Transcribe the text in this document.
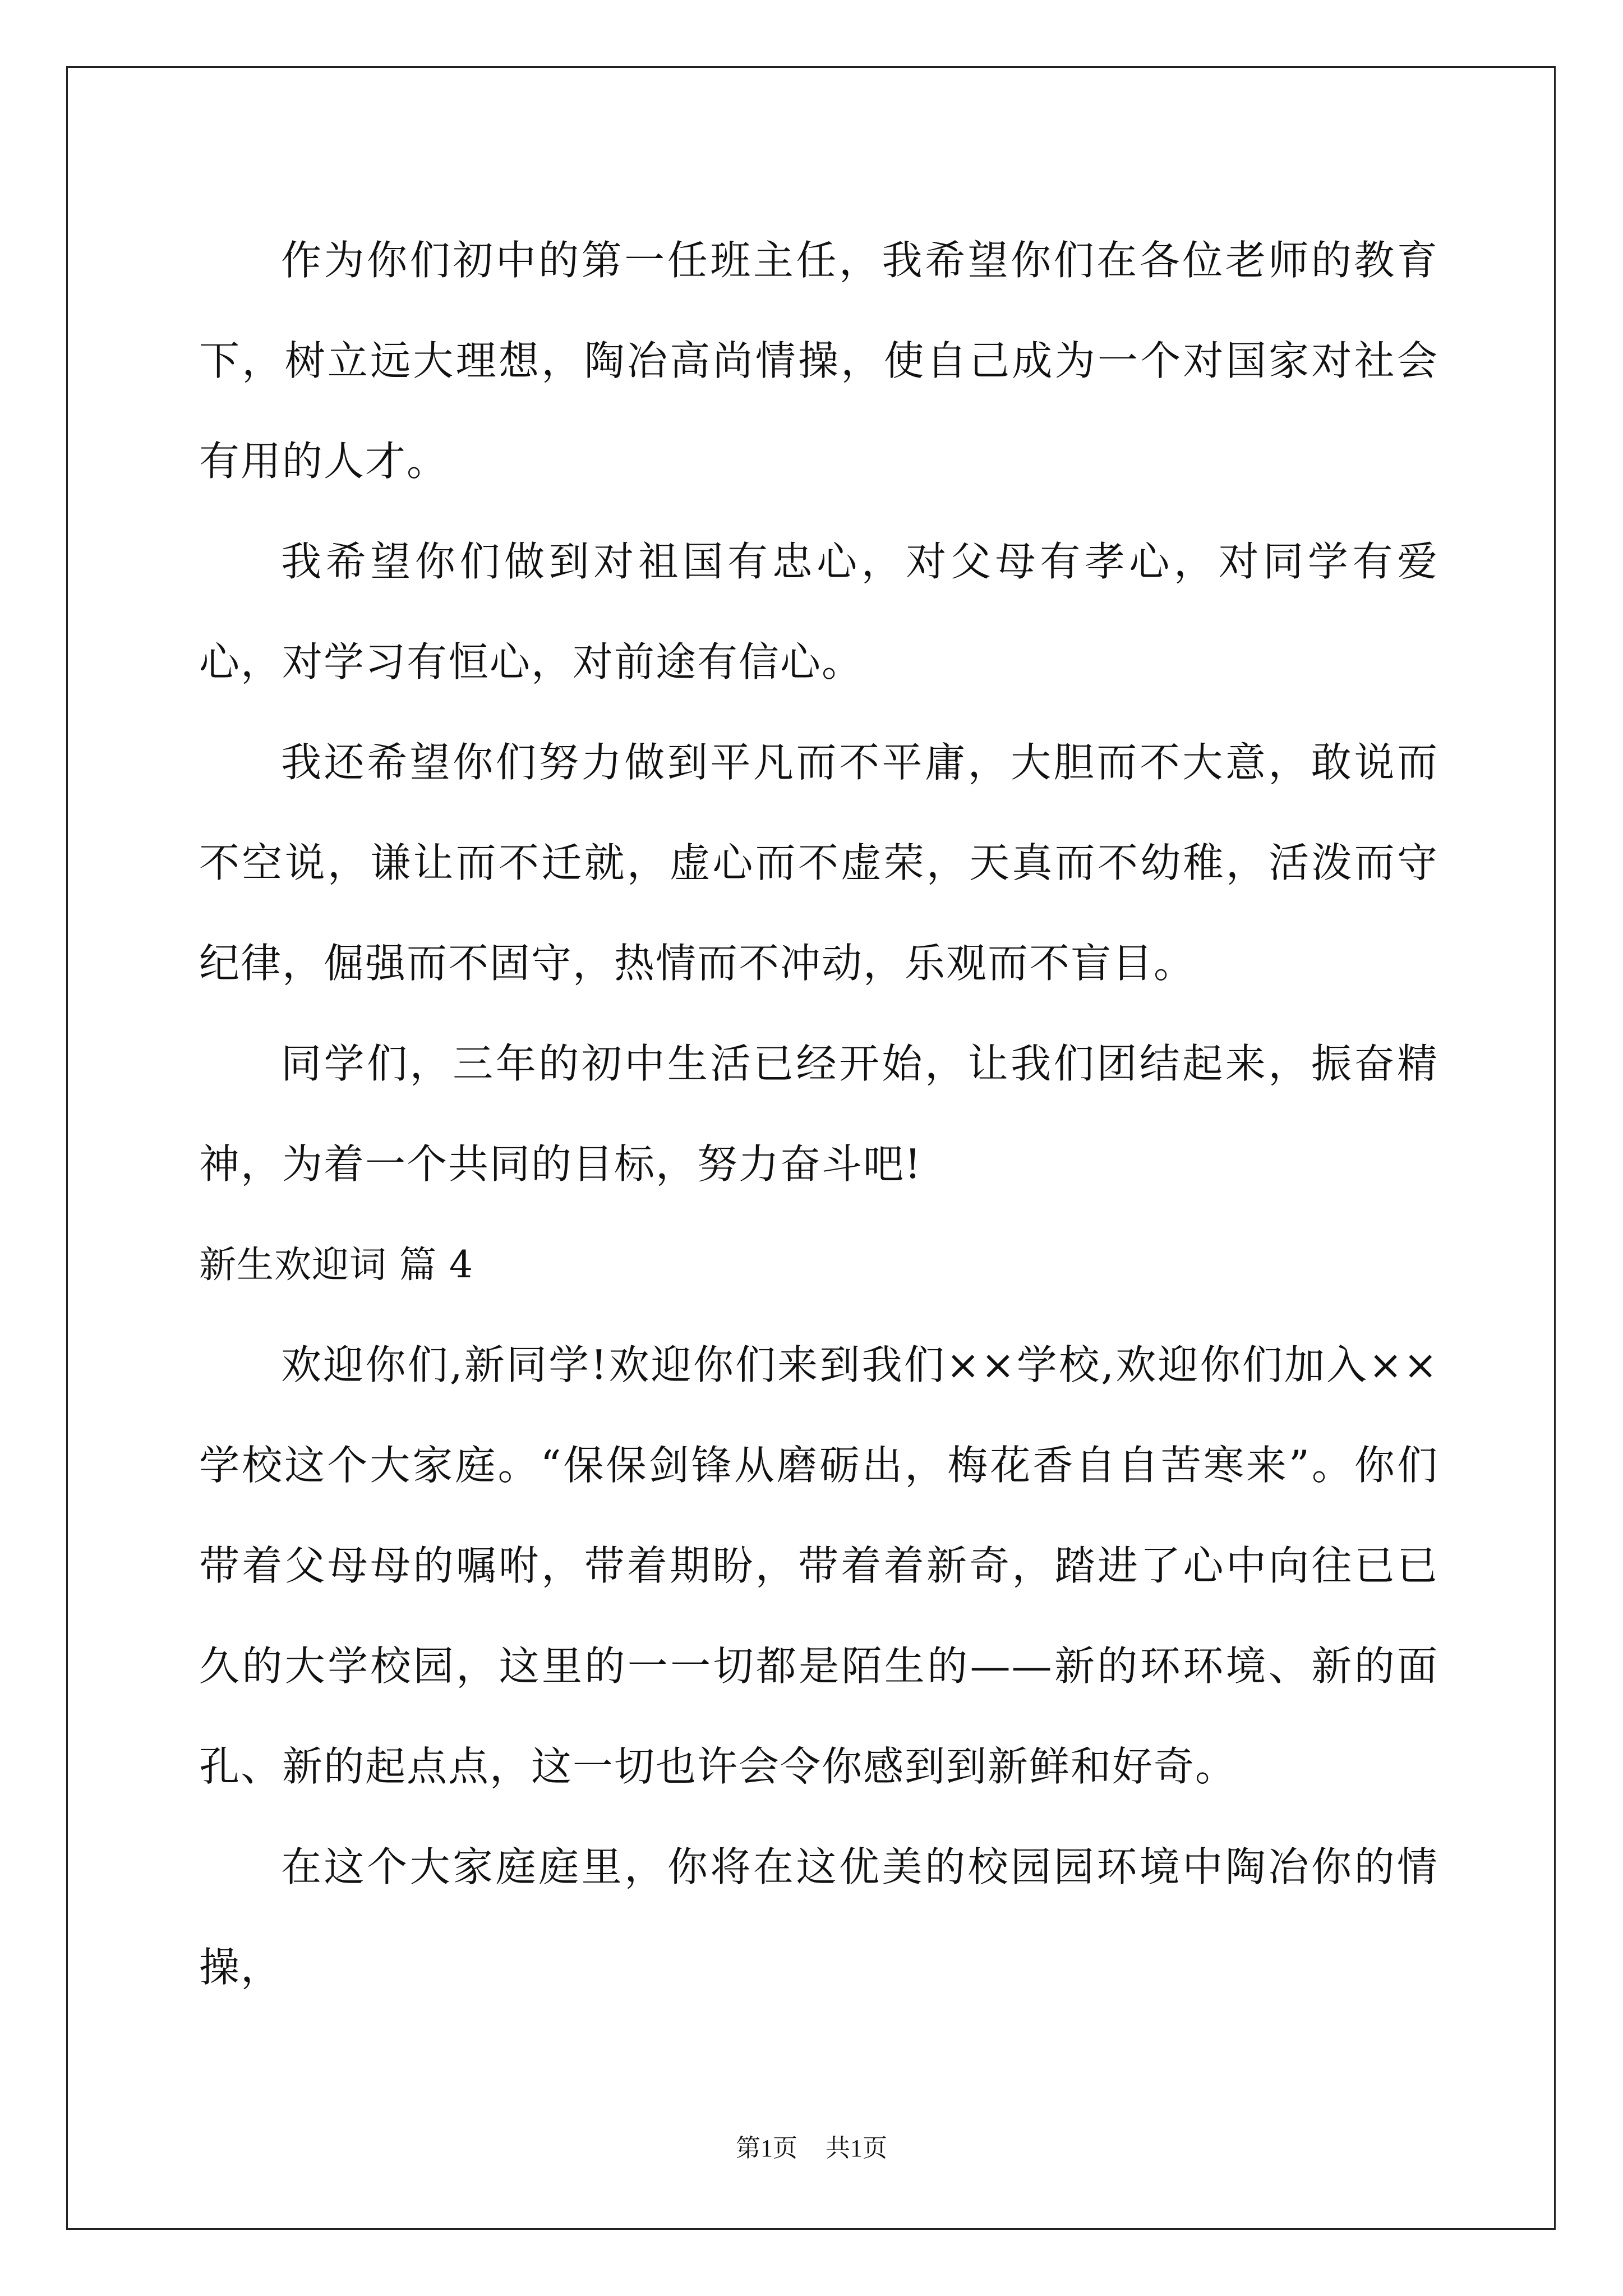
作为你们初中的第一任班主任，我希望你们在各位老师的教育下，树立远大理想，陶冶高尚情操，使自己成为一个对国家对社会有用的人才。

我希望你们做到对祖国有忠心，对父母有孝心，对同学有爱心，对学习有恒心，对前途有信心。

我还希望你们努力做到平凡而不平庸，大胆而不大意，敢说而不空说，谦让而不迁就，虚心而不虚荣，天真而不幼稚，活泼而守纪律，倔强而不固守，热情而不冲动，乐观而不盲目。

同学们，三年的初中生活已经开始，让我们团结起来，振奋精神，为着一个共同的目标，努力奋斗吧!

新生欢迎词 篇 4

欢迎你们,新同学!欢迎你们来到我们××学校,欢迎你们加入××学校这个大家庭。“保保剑锋从磨砺出，梅花香自自苦寒来”。你们带着父母母的嘱咐，带着期盼，带着着新奇，踏进了心中向往已已久的大学校园，这里的一一切都是陌生的——新的环环境、新的面孔、新的起点点，这一切也许会令你感到到新鲜和好奇。

在这个大家庭庭里，你将在这优美的校园园环境中陶冶你的情操，

第1页 共1页
